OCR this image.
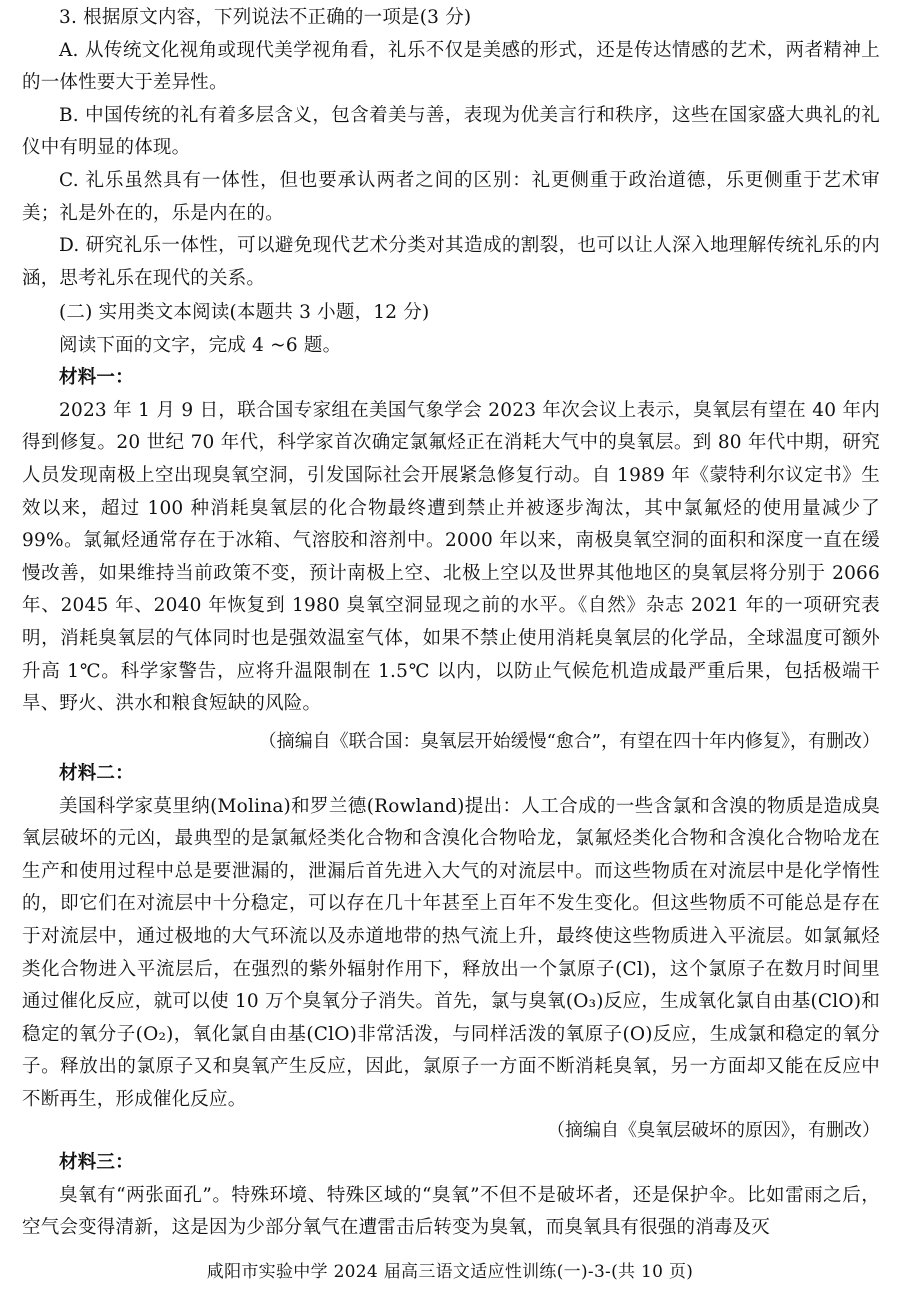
3. 根据原文内容，下列说法不正确的一项是(3 分)
A. 从传统文化视角或现代美学视角看，礼乐不仅是美感的形式，还是传达情感的艺术，两者精神上的一体性要大于差异性。
B. 中国传统的礼有着多层含义，包含着美与善，表现为优美言行和秩序，这些在国家盛大典礼的礼仪中有明显的体现。
C. 礼乐虽然具有一体性，但也要承认两者之间的区别：礼更侧重于政治道德，乐更侧重于艺术审美；礼是外在的，乐是内在的。
D. 研究礼乐一体性，可以避免现代艺术分类对其造成的割裂，也可以让人深入地理解传统礼乐的内涵，思考礼乐在现代的关系。
(二) 实用类文本阅读(本题共 3 小题，12 分)
阅读下面的文字，完成 4 ~6 题。
材料一：
2023 年 1 月 9 日，联合国专家组在美国气象学会 2023 年次会议上表示，臭氧层有望在 40 年内得到修复。20 世纪 70 年代，科学家首次确定氯氟烃正在消耗大气中的臭氧层。到 80 年代中期，研究人员发现南极上空出现臭氧空洞，引发国际社会开展紧急修复行动。自 1989 年《蒙特利尔议定书》生效以来，超过 100 种消耗臭氧层的化合物最终遭到禁止并被逐步淘汰，其中氯氟烃的使用量减少了 99%。氯氟烃通常存在于冰箱、气溶胶和溶剂中。2000 年以来，南极臭氧空洞的面积和深度一直在缓慢改善，如果维持当前政策不变，预计南极上空、北极上空以及世界其他地区的臭氧层将分别于 2066 年、2045 年、2040 年恢复到 1980 臭氧空洞显现之前的水平。《自然》杂志 2021 年的一项研究表明，消耗臭氧层的气体同时也是强效温室气体，如果不禁止使用消耗臭氧层的化学品，全球温度可额外升高 1℃。科学家警告，应将升温限制在 1.5℃ 以内，以防止气候危机造成最严重后果，包括极端干旱、野火、洪水和粮食短缺的风险。
（摘编自《联合国：臭氧层开始缓慢“愈合”，有望在四十年内修复》，有删改）
材料二：
美国科学家莫里纳(Molina)和罗兰德(Rowland)提出：人工合成的一些含氯和含溴的物质是造成臭氧层破坏的元凶，最典型的是氯氟烃类化合物和含溴化合物哈龙，氯氟烃类化合物和含溴化合物哈龙在生产和使用过程中总是要泄漏的，泄漏后首先进入大气的对流层中。而这些物质在对流层中是化学惰性的，即它们在对流层中十分稳定，可以存在几十年甚至上百年不发生变化。但这些物质不可能总是存在于对流层中，通过极地的大气环流以及赤道地带的热气流上升，最终使这些物质进入平流层。如氯氟烃类化合物进入平流层后，在强烈的紫外辐射作用下，释放出一个氯原子(Cl)，这个氯原子在数月时间里通过催化反应，就可以使 10 万个臭氧分子消失。首先，氯与臭氧(O₃)反应，生成氧化氯自由基(ClO)和稳定的氧分子(O₂)，氧化氯自由基(ClO)非常活泼，与同样活泼的氧原子(O)反应，生成氯和稳定的氧分子。释放出的氯原子又和臭氧产生反应，因此，氯原子一方面不断消耗臭氧，另一方面却又能在反应中不断再生，形成催化反应。
（摘编自《臭氧层破坏的原因》，有删改）
材料三：
臭氧有“两张面孔”。特殊环境、特殊区域的“臭氧”不但不是破坏者，还是保护伞。比如雷雨之后，空气会变得清新，这是因为少部分氧气在遭雷击后转变为臭氧，而臭氧具有很强的消毒及灭
咸阳市实验中学 2024 届高三语文适应性训练(一)-3-(共 10 页)
